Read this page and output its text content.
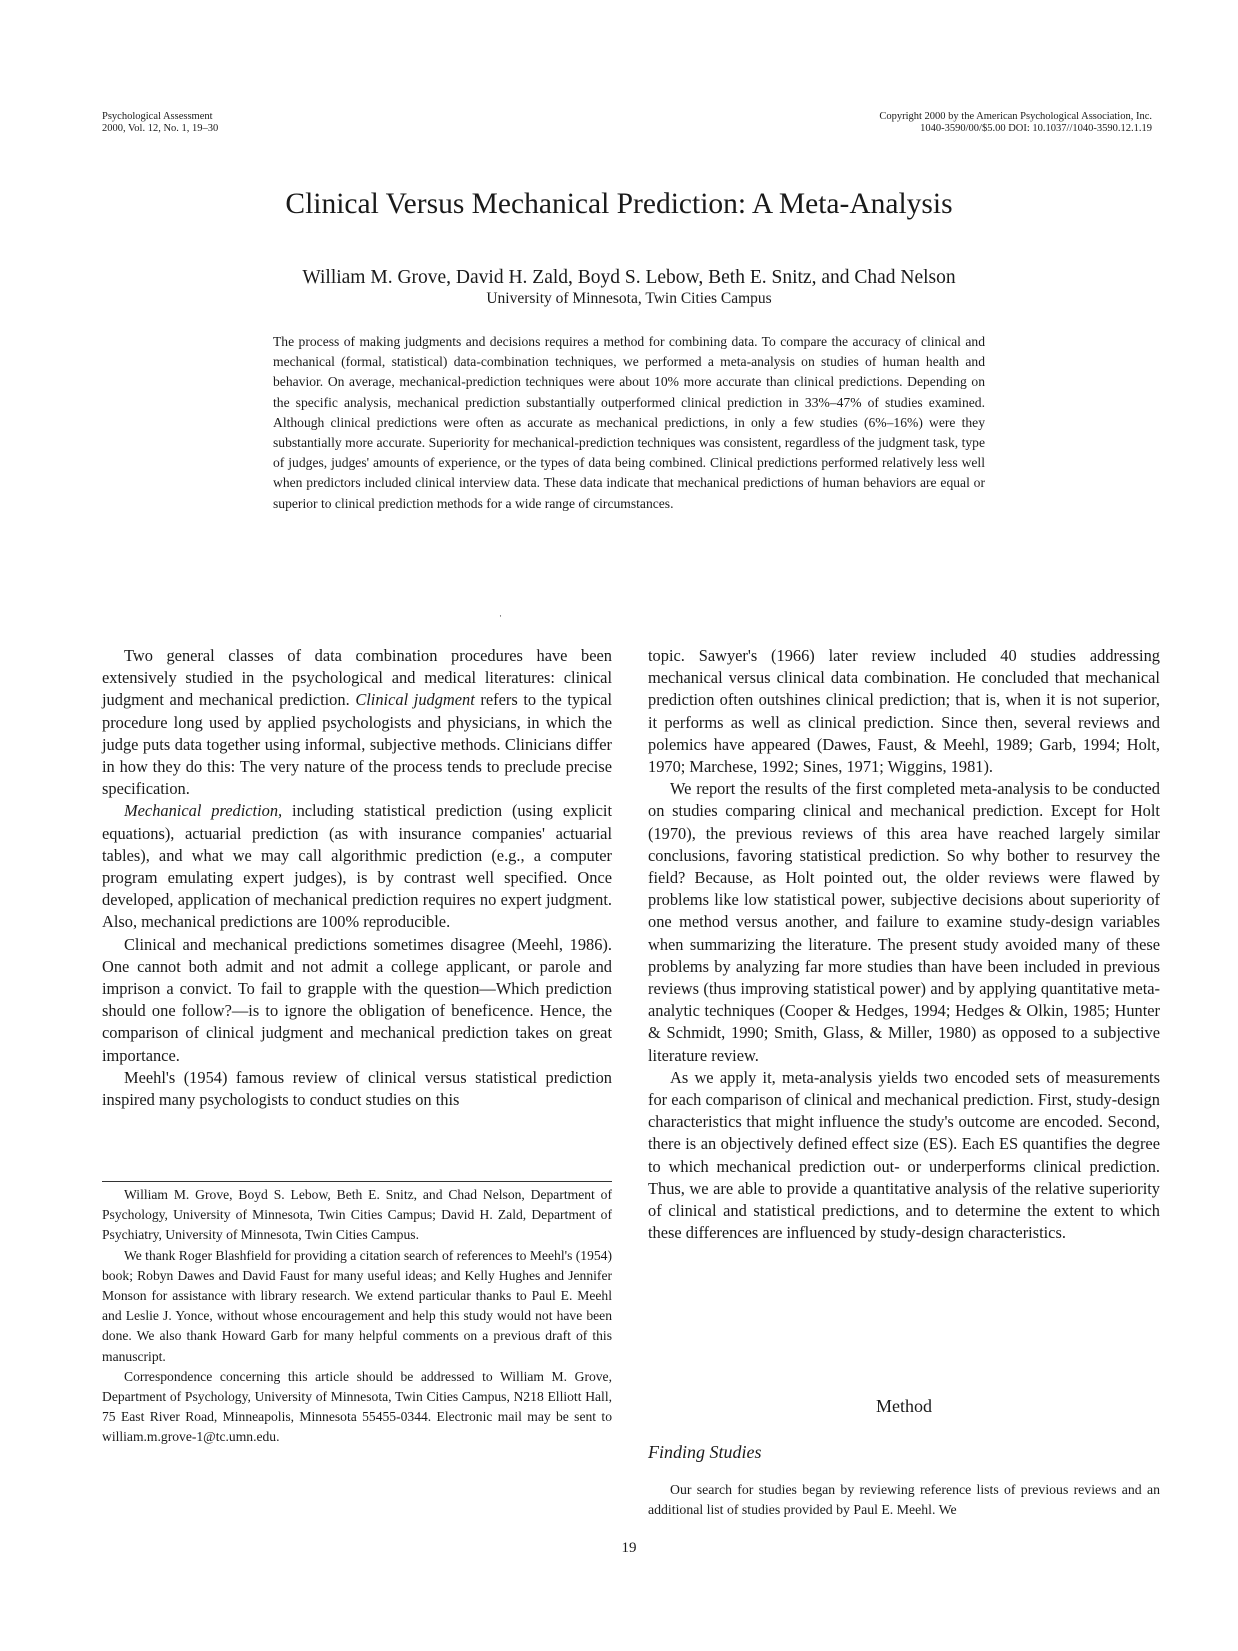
Psychological Assessment
2000, Vol. 12, No. 1, 19–30
Copyright 2000 by the American Psychological Association, Inc.
1040-3590/00/$5.00 DOI: 10.1037//1040-3590.12.1.19
Clinical Versus Mechanical Prediction: A Meta-Analysis
William M. Grove, David H. Zald, Boyd S. Lebow, Beth E. Snitz, and Chad Nelson
University of Minnesota, Twin Cities Campus
The process of making judgments and decisions requires a method for combining data. To compare the accuracy of clinical and mechanical (formal, statistical) data-combination techniques, we performed a meta-analysis on studies of human health and behavior. On average, mechanical-prediction techniques were about 10% more accurate than clinical predictions. Depending on the specific analysis, mechanical prediction substantially outperformed clinical prediction in 33%–47% of studies examined. Although clinical predictions were often as accurate as mechanical predictions, in only a few studies (6%–16%) were they substantially more accurate. Superiority for mechanical-prediction techniques was consistent, regardless of the judgment task, type of judges, judges' amounts of experience, or the types of data being combined. Clinical predictions performed relatively less well when predictors included clinical interview data. These data indicate that mechanical predictions of human behaviors are equal or superior to clinical prediction methods for a wide range of circumstances.
·

Two general classes of data combination procedures have been extensively studied in the psychological and medical literatures: clinical judgment and mechanical prediction. Clinical judgment refers to the typical procedure long used by applied psychologists and physicians, in which the judge puts data together using informal, subjective methods. Clinicians differ in how they do this: The very nature of the process tends to preclude precise specification.

Mechanical prediction, including statistical prediction (using explicit equations), actuarial prediction (as with insurance companies' actuarial tables), and what we may call algorithmic prediction (e.g., a computer program emulating expert judges), is by contrast well specified. Once developed, application of mechanical prediction requires no expert judgment. Also, mechanical predictions are 100% reproducible.

Clinical and mechanical predictions sometimes disagree (Meehl, 1986). One cannot both admit and not admit a college applicant, or parole and imprison a convict. To fail to grapple with the question—Which prediction should one follow?—is to ignore the obligation of beneficence. Hence, the comparison of clinical judgment and mechanical prediction takes on great importance.

Meehl's (1954) famous review of clinical versus statistical prediction inspired many psychologists to conduct studies on this

William M. Grove, Boyd S. Lebow, Beth E. Snitz, and Chad Nelson, Department of Psychology, University of Minnesota, Twin Cities Campus; David H. Zald, Department of Psychiatry, University of Minnesota, Twin Cities Campus.

We thank Roger Blashfield for providing a citation search of references to Meehl's (1954) book; Robyn Dawes and David Faust for many useful ideas; and Kelly Hughes and Jennifer Monson for assistance with library research. We extend particular thanks to Paul E. Meehl and Leslie J. Yonce, without whose encouragement and help this study would not have been done. We also thank Howard Garb for many helpful comments on a previous draft of this manuscript.

Correspondence concerning this article should be addressed to William M. Grove, Department of Psychology, University of Minnesota, Twin Cities Campus, N218 Elliott Hall, 75 East River Road, Minneapolis, Minnesota 55455-0344. Electronic mail may be sent to william.m.grove-1@tc.umn.edu.

topic. Sawyer's (1966) later review included 40 studies addressing mechanical versus clinical data combination. He concluded that mechanical prediction often outshines clinical prediction; that is, when it is not superior, it performs as well as clinical prediction. Since then, several reviews and polemics have appeared (Dawes, Faust, & Meehl, 1989; Garb, 1994; Holt, 1970; Marchese, 1992; Sines, 1971; Wiggins, 1981).

We report the results of the first completed meta-analysis to be conducted on studies comparing clinical and mechanical prediction. Except for Holt (1970), the previous reviews of this area have reached largely similar conclusions, favoring statistical prediction. So why bother to resurvey the field? Because, as Holt pointed out, the older reviews were flawed by problems like low statistical power, subjective decisions about superiority of one method versus another, and failure to examine study-design variables when summarizing the literature. The present study avoided many of these problems by analyzing far more studies than have been included in previous reviews (thus improving statistical power) and by applying quantitative meta-analytic techniques (Cooper & Hedges, 1994; Hedges & Olkin, 1985; Hunter & Schmidt, 1990; Smith, Glass, & Miller, 1980) as opposed to a subjective literature review.

As we apply it, meta-analysis yields two encoded sets of measurements for each comparison of clinical and mechanical prediction. First, study-design characteristics that might influence the study's outcome are encoded. Second, there is an objectively defined effect size (ES). Each ES quantifies the degree to which mechanical prediction out- or underperforms clinical prediction. Thus, we are able to provide a quantitative analysis of the relative superiority of clinical and statistical predictions, and to determine the extent to which these differences are influenced by study-design characteristics.

Method
Finding Studies
Our search for studies began by reviewing reference lists of previous reviews and an additional list of studies provided by Paul E. Meehl. We
19
